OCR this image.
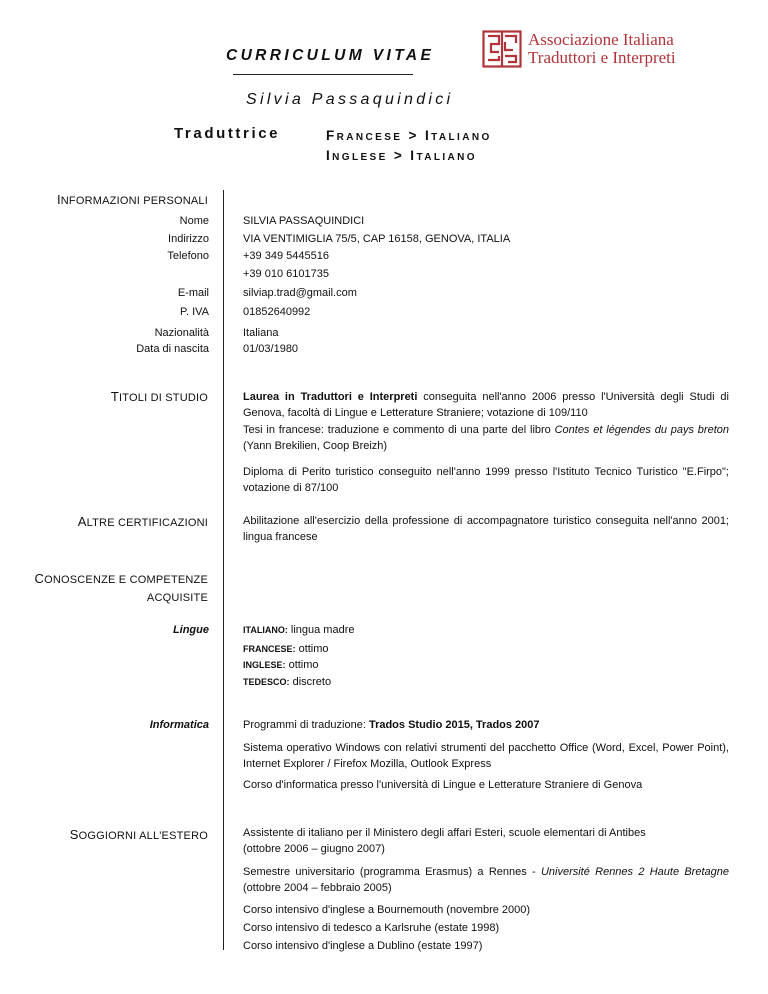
CURRICULUM VITAE
Silvia Passaquindici
Traduttrice	FRANCESE > ITALIANO
INGLESE > ITALIANO
Associazione Italiana
Traduttori e Interpreti
INFORMAZIONI PERSONALI
Nome	SILVIA PASSAQUINDICI
Indirizzo	VIA VENTIMIGLIA 75/5, CAP 16158, GENOVA, ITALIA
Telefono	+39 349 5445516
+39 010 6101735
E-mail	silviap.trad@gmail.com
P. IVA	01852640992
Nazionalità	Italiana
Data di nascita	01/03/1980
TITOLI DI STUDIO	Laurea in Traduttori e Interpreti conseguita nell'anno 2006 presso l'Università degli Studi di Genova, facoltà di Lingue e Letterature Straniere; votazione di 109/110
Tesi in francese: traduzione e commento di una parte del libro Contes et légendes du pays breton (Yann Brekilien, Coop Breizh)
Diploma di Perito turistico conseguito nell'anno 1999 presso l'Istituto Tecnico Turistico "E.Firpo"; votazione di 87/100
ALTRE CERTIFICAZIONI	Abilitazione all'esercizio della professione di accompagnatore turistico conseguita nell'anno 2001; lingua francese
CONOSCENZE E COMPETENZE
ACQUISITE
Lingue	ITALIANO: lingua madre
FRANCESE: ottimo
INGLESE: ottimo
TEDESCO: discreto
Informatica	Programmi di traduzione: Trados Studio 2015, Trados 2007
Sistema operativo Windows con relativi strumenti del pacchetto Office (Word, Excel, Power Point), Internet Explorer / Firefox Mozilla, Outlook Express
Corso d'informatica presso l'università di Lingue e Letterature Straniere di Genova
SOGGIORNI ALL'ESTERO	Assistente di italiano per il Ministero degli affari Esteri, scuole elementari di Antibes (ottobre 2006 – giugno 2007)
Semestre universitario (programma Erasmus) a Rennes - Université Rennes 2 Haute Bretagne (ottobre 2004 – febbraio 2005)
Corso intensivo d'inglese a Bournemouth (novembre 2000)
Corso intensivo di tedesco a Karlsruhe (estate 1998)
Corso intensivo d'inglese a Dublino (estate 1997)
